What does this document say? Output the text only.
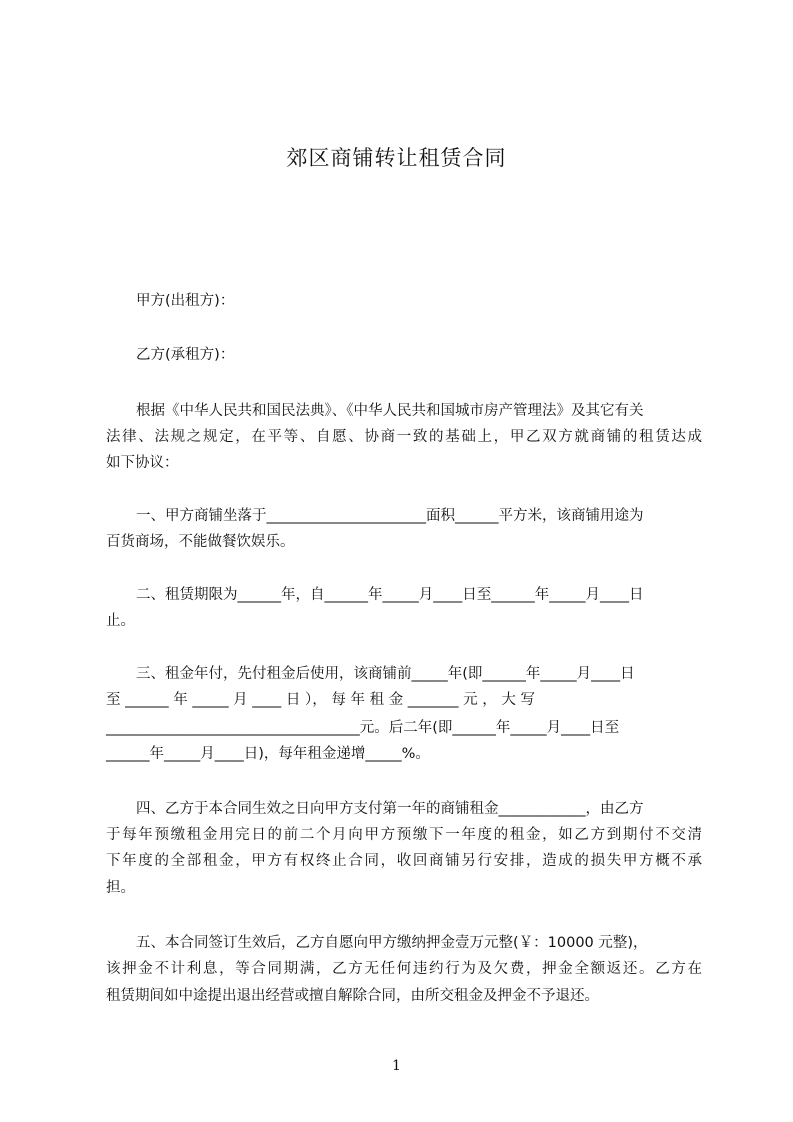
郊区商铺转让租赁合同
甲方(出租方)：
乙方(承租方)：
根据《中华人民共和国民法典》、《中华人民共和国城市房产管理法》及其它有关
法律、法规之规定，在平等、自愿、协商一致的基础上，甲乙双方就商铺的租赁达成
如下协议：
一、甲方商铺坐落于______________________面积______平方米，该商铺用途为
百货商场，不能做餐饮娱乐。
二、租赁期限为______年，自______年_____月____日至______年_____月____日
止。
三、租金年付，先付租金后使用，该商铺前_____年(即______年_____月____日
至 ______ 年 _____ 月 ____ 日 ）， 每 年 租 金 _______ 元 ， 大 写
___________________________________元。后二年(即______年_____月____日至
______年_____月____日)，每年租金递增_____%。
四、乙方于本合同生效之日向甲方支付第一年的商铺租金____________，由乙方
于每年预缴租金用完日的前二个月向甲方预缴下一年度的租金，如乙方到期付不交清
下年度的全部租金，甲方有权终止合同，收回商铺另行安排，造成的损失甲方概不承
担。
五、本合同签订生效后，乙方自愿向甲方缴纳押金壹万元整(￥：10000 元整)，
该押金不计利息，等合同期满，乙方无任何违约行为及欠费，押金全额返还。乙方在
租赁期间如中途提出退出经营或擅自解除合同，由所交租金及押金不予退还。
1
